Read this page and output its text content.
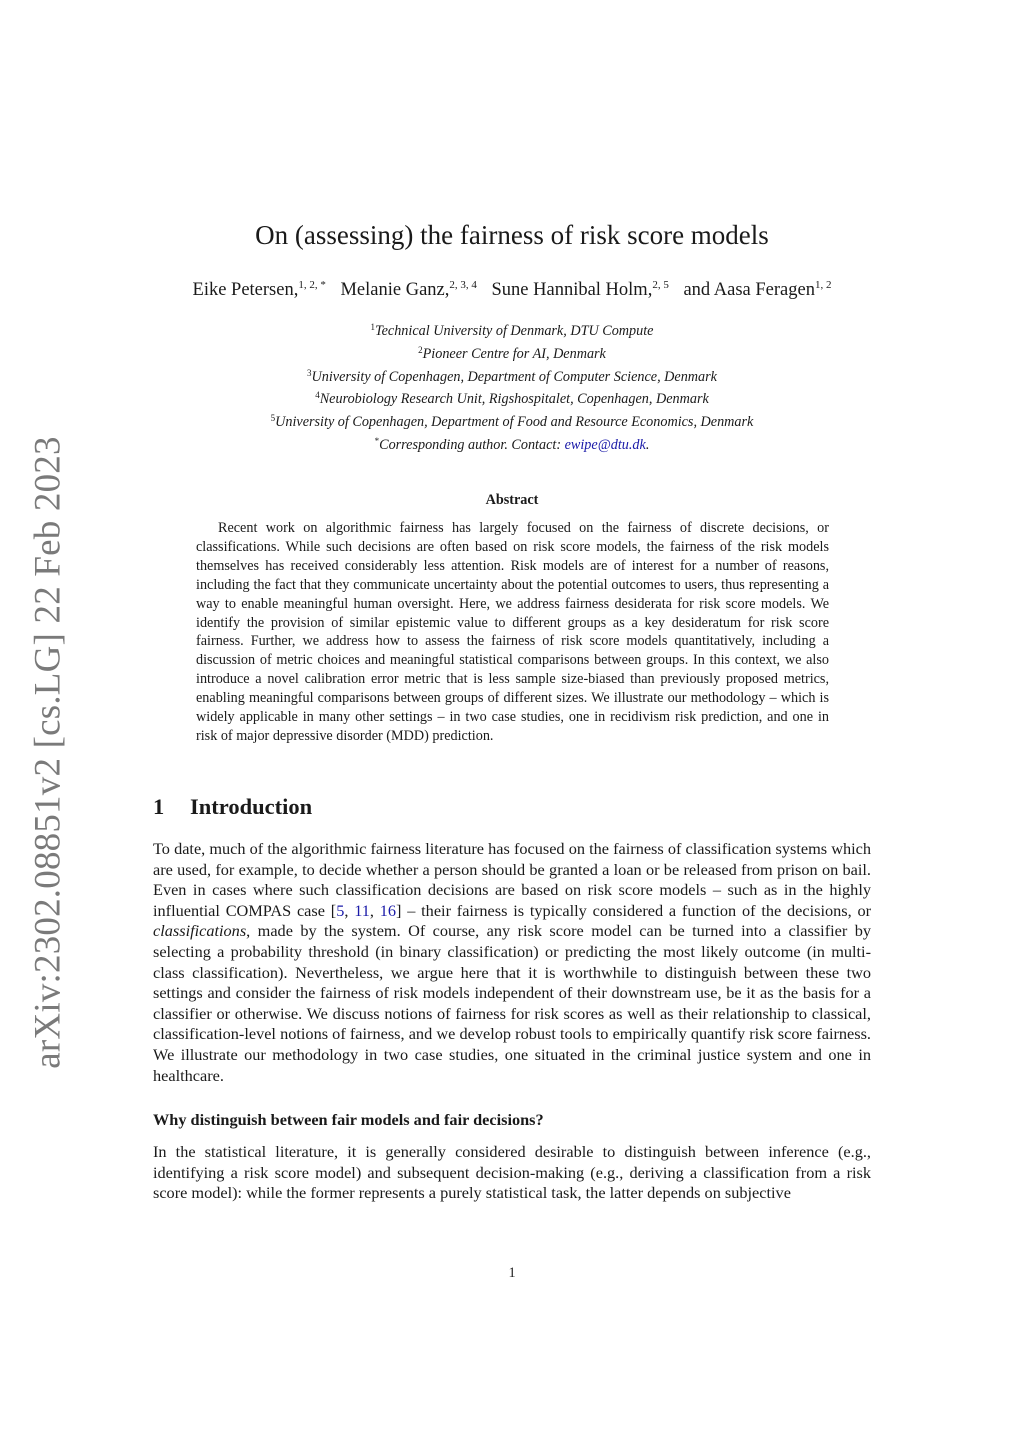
arXiv:2302.08851v2 [cs.LG] 22 Feb 2023
On (assessing) the fairness of risk score models

Eike Petersen,$^{1, 2, *}$ Melanie Ganz,$^{2, 3, 4}$ Sune Hannibal Holm,$^{2, 5}$ and Aasa Feragen$^{1, 2}$

$^1$Technical University of Denmark, DTU Compute
$^2$Pioneer Centre for AI, Denmark
$^3$University of Copenhagen, Department of Computer Science, Denmark
$^4$Neurobiology Research Unit, Rigshospitalet, Copenhagen, Denmark
$^5$University of Copenhagen, Department of Food and Resource Economics, Denmark
*Corresponding author. Contact: ewipe@dtu.dk.
Abstract

Recent work on algorithmic fairness has largely focused on the fairness of discrete decisions, or classifications. While such decisions are often based on risk score models, the fairness of the risk models themselves has received considerably less attention. Risk models are of interest for a number of reasons, including the fact that they communicate uncertainty about the potential outcomes to users, thus representing a way to enable meaningful human oversight. Here, we address fairness desiderata for risk score models. We identify the provision of similar epistemic value to different groups as a key desideratum for risk score fairness. Further, we address how to assess the fairness of risk score models quantitatively, including a discussion of metric choices and meaningful statistical comparisons between groups. In this context, we also introduce a novel calibration error metric that is less sample size-biased than previously proposed metrics, enabling meaningful comparisons between groups of different sizes. We illustrate our methodology – which is widely applicable in many other settings – in two case studies, one in recidivism risk prediction, and one in risk of major depressive disorder (MDD) prediction.

1 Introduction

To date, much of the algorithmic fairness literature has focused on the fairness of classification systems which are used, for example, to decide whether a person should be granted a loan or be released from prison on bail. Even in cases where such classification decisions are based on risk score models – such as in the highly influential COMPAS case [5, 11, 16] – their fairness is typically considered a function of the decisions, or classifications, made by the system. Of course, any risk score model can be turned into a classifier by selecting a probability threshold (in binary classification) or predicting the most likely outcome (in multi-class classification). Nevertheless, we argue here that it is worthwhile to distinguish between these two settings and consider the fairness of risk models independent of their downstream use, be it as the basis for a classifier or otherwise. We discuss notions of fairness for risk scores as well as their relationship to classical, classification-level notions of fairness, and we develop robust tools to empirically quantify risk score fairness. We illustrate our methodology in two case studies, one situated in the criminal justice system and one in healthcare.

Why distinguish between fair models and fair decisions?

In the statistical literature, it is generally considered desirable to distinguish between inference (e.g., identifying a risk score model) and subsequent decision-making (e.g., deriving a classification from a risk score model): while the former represents a purely statistical task, the latter depends on subjective

1
